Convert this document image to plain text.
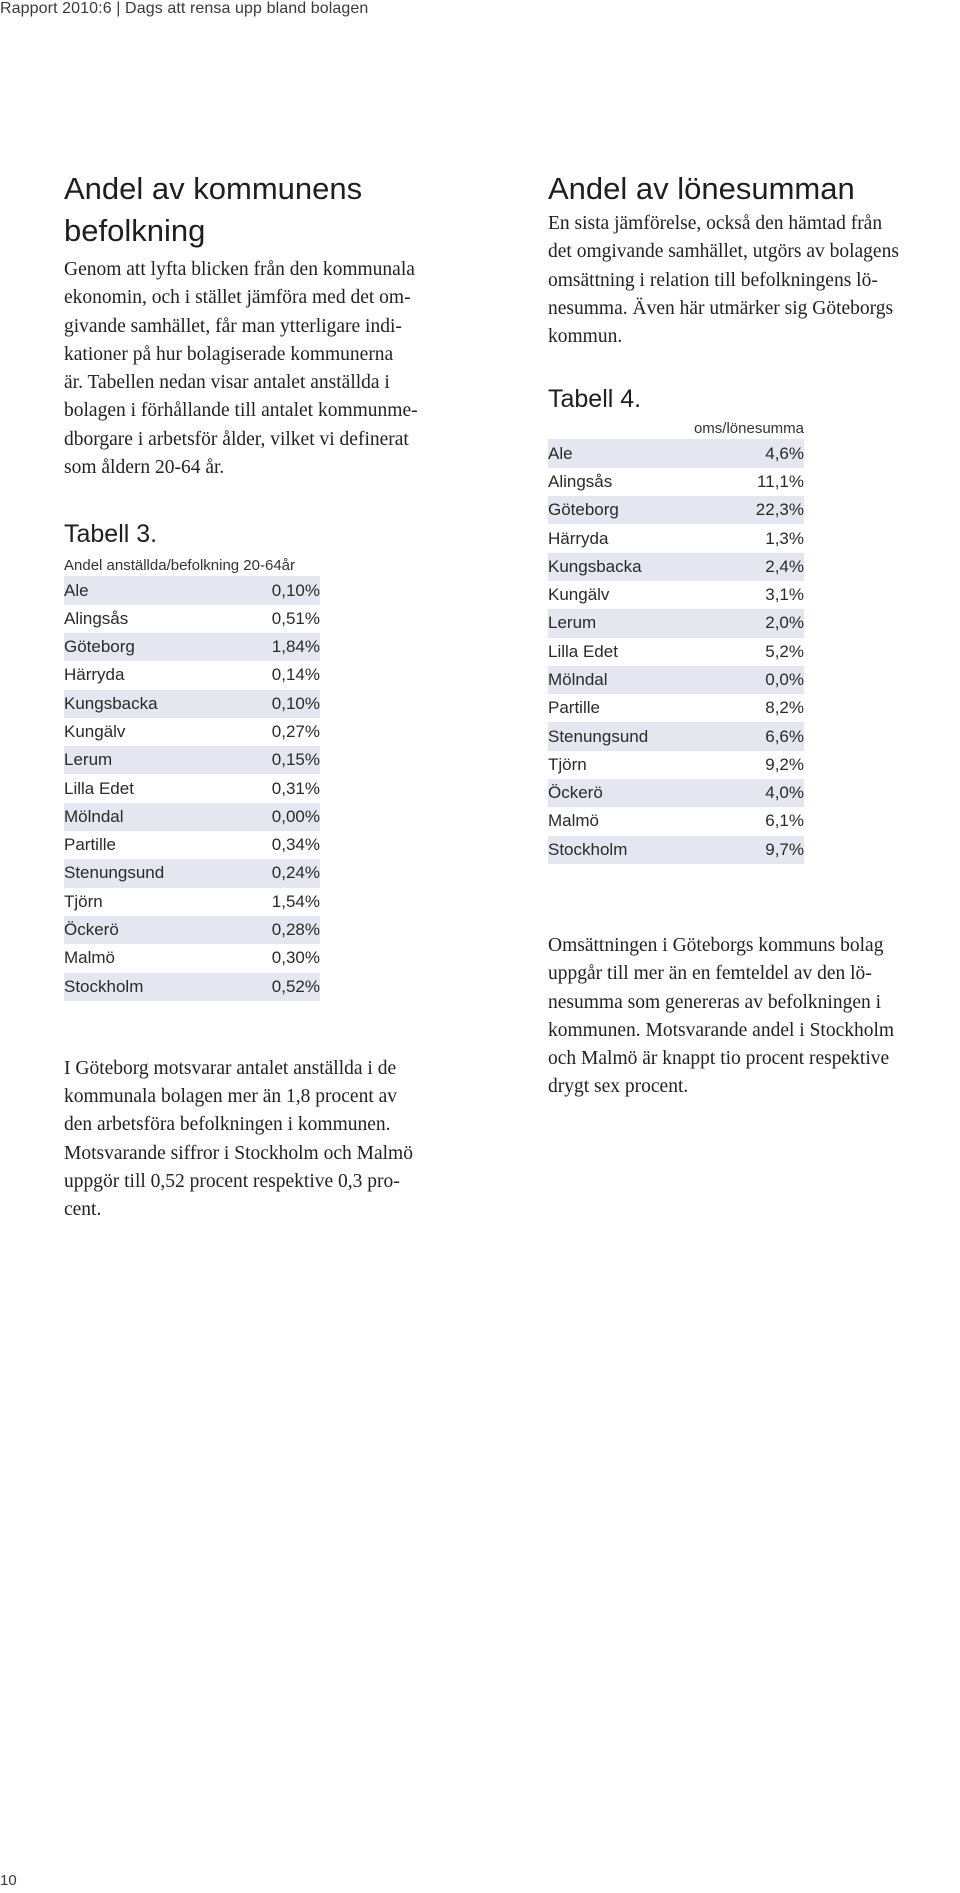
Rapport 2010:6 | Dags att rensa upp bland bolagen
Andel av kommunens befolkning

Genom att lyfta blicken från den kommunala
ekonomin, och i stället jämföra med det om-
givande samhället, får man ytterligare indi-
kationer på hur bolagiserade kommunerna
är. Tabellen nedan visar antalet anställda i
bolagen i förhållande till antalet kommunme-
dborgare i arbetsför ålder, vilket vi definerat
som åldern 20-64 år.

Tabell 3.
Andel anställda/befolkning 20-64år
Ale	0,10%
Alingsås	0,51%
Göteborg	1,84%
Härryda	0,14%
Kungsbacka	0,10%
Kungälv	0,27%
Lerum	0,15%
Lilla Edet	0,31%
Mölndal	0,00%
Partille	0,34%
Stenungsund	0,24%
Tjörn	1,54%
Öckerö	0,28%
Malmö	0,30%
Stockholm	0,52%

I Göteborg motsvarar antalet anställda i de
kommunala bolagen mer än 1,8 procent av
den arbetsföra befolkningen i kommunen.
Motsvarande siffror i Stockholm och Malmö
uppgör till 0,52 procent respektive 0,3 pro-
cent.

Andel av lönesumman

En sista jämförelse, också den hämtad från
det omgivande samhället, utgörs av bolagens
omsättning i relation till befolkningens lö-
nesumma. Även här utmärker sig Göteborgs
kommun.

Tabell 4.
oms/lönesumma
Ale	4,6%
Alingsås	11,1%
Göteborg	22,3%
Härryda	1,3%
Kungsbacka	2,4%
Kungälv	3,1%
Lerum	2,0%
Lilla Edet	5,2%
Mölndal	0,0%
Partille	8,2%
Stenungsund	6,6%
Tjörn	9,2%
Öckerö	4,0%
Malmö	6,1%
Stockholm	9,7%

Omsättningen i Göteborgs kommuns bolag
uppgår till mer än en femteldel av den lö-
nesumma som genereras av befolkningen i
kommunen. Motsvarande andel i Stockholm
och Malmö är knappt tio procent respektive
drygt sex procent.

10
